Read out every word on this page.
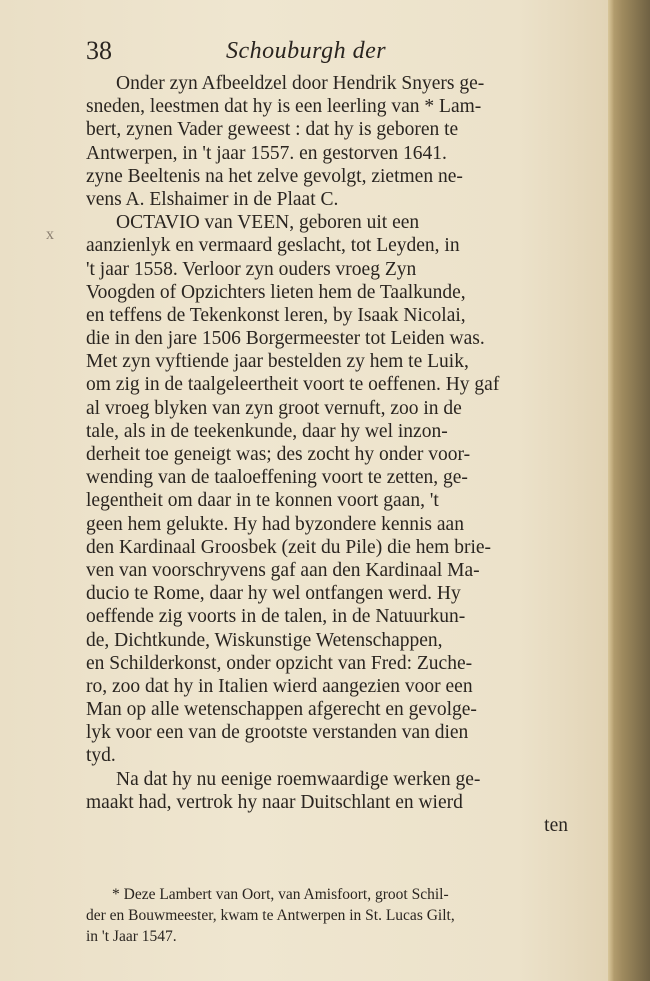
38	Schouburgh der
x
Onder zyn Afbeeldzel door Hendrik Snyers ge-
sneden, leestmen dat hy is een leerling van * Lam-
bert, zynen Vader geweest : dat hy is geboren te
Antwerpen, in 't jaar 1557. en gestorven 1641.
zyne Beeltenis na het zelve gevolgt, zietmen ne-
vens A. Elshaimer in de Plaat C.
OCTAVIO van VEEN, geboren uit een
aanzienlyk en vermaard geslacht, tot Leyden, in
't jaar 1558. Verloor zyn ouders vroeg Zyn
Voogden of Opzichters lieten hem de Taalkunde,
en teffens de Tekenkonst leren, by Isaak Nicolai,
die in den jare 1506 Borgermeester tot Leiden was.
Met zyn vyftiende jaar bestelden zy hem te Luik,
om zig in de taalgeleertheit voort te oeffenen. Hy gaf
al vroeg blyken van zyn groot vernuft, zoo in de
tale, als in de teekenkunde, daar hy wel inzon-
derheit toe geneigt was; des zocht hy onder voor-
wending van de taaloeffening voort te zetten, ge-
legentheit om daar in te konnen voort gaan, 't
geen hem gelukte. Hy had byzondere kennis aan
den Kardinaal Groosbek (zeit du Pile) die hem brie-
ven van voorschryvens gaf aan den Kardinaal Ma-
ducio te Rome, daar hy wel ontfangen werd. Hy
oeffende zig voorts in de talen, in de Natuurkun-
de, Dichtkunde, Wiskunstige Wetenschappen,
en Schilderkonst, onder opzicht van Fred: Zuche-
ro, zoo dat hy in Italien wierd aangezien voor een
Man op alle wetenschappen afgerecht en gevolge-
lyk voor een van de grootste verstanden van dien
tyd.
Na dat hy nu eenige roemwaardige werken ge-
maakt had, vertrok hy naar Duitschlant en wierd
ten
* Deze Lambert van Oort, van Amisfoort, groot Schil-
der en Bouwmeester, kwam te Antwerpen in St. Lucas Gilt,
in 't Jaar 1547.
